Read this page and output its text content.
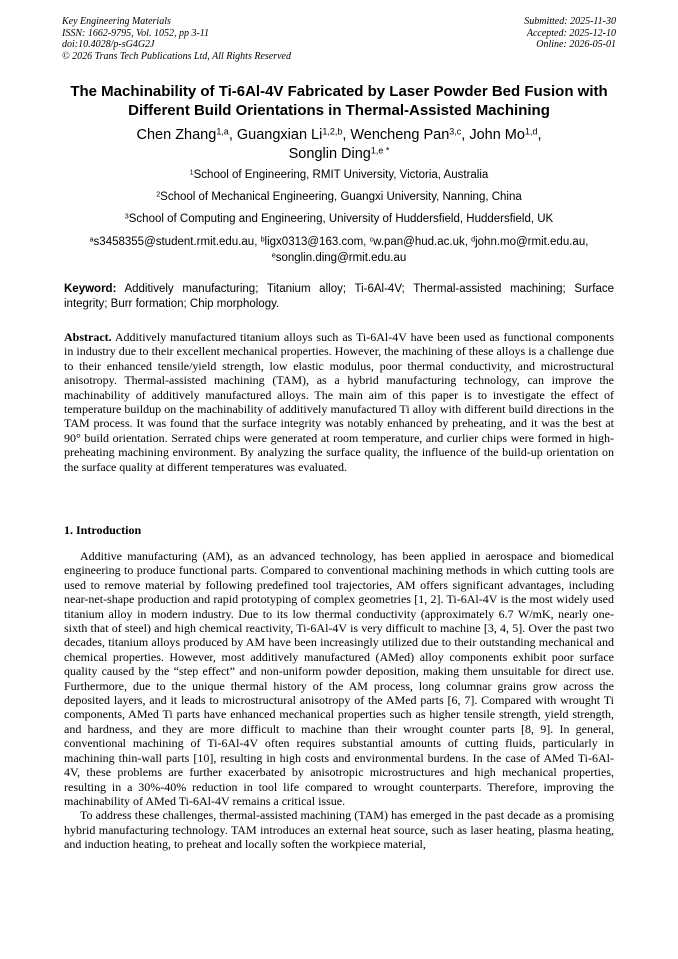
Key Engineering Materials
ISSN: 1662-9795, Vol. 1052, pp 3-11
doi:10.4028/p-sG4G2J
© 2026 Trans Tech Publications Ltd, All Rights Reserved
Submitted: 2025-11-30
Accepted: 2025-12-10
Online: 2026-05-01
The Machinability of Ti-6Al-4V Fabricated by Laser Powder Bed Fusion with Different Build Orientations in Thermal-Assisted Machining
Chen Zhang$^{1,a}$, Guangxian Li$^{1,2,b}$, Wencheng Pan$^{3,c}$, John Mo$^{1,d}$,
Songlin Ding$^{1,e *}$
$^1$School of Engineering, RMIT University, Victoria, Australia
$^2$School of Mechanical Engineering, Guangxi University, Nanning, China
$^3$School of Computing and Engineering, University of Huddersfield, Huddersfield, UK
$^a$s3458355@student.rmit.edu.au, $^b$ligx0313@163.com, $^c$w.pan@hud.ac.uk, $^d$john.mo@rmit.edu.au,
$^e$songlin.ding@rmit.edu.au
Keyword: Additively manufacturing; Titanium alloy; Ti-6Al-4V; Thermal-assisted machining; Surface integrity; Burr formation; Chip morphology.
Abstract. Additively manufactured titanium alloys such as Ti-6Al-4V have been used as functional components in industry due to their excellent mechanical properties. However, the machining of these alloys is a challenge due to their enhanced tensile/yield strength, low elastic modulus, poor thermal conductivity, and microstructural anisotropy. Thermal-assisted machining (TAM), as a hybrid manufacturing technology, can improve the machinability of additively manufactured alloys. The main aim of this paper is to investigate the effect of temperature buildup on the machinability of additively manufactured Ti alloy with different build directions in the TAM process. It was found that the surface integrity was notably enhanced by preheating, and it was the best at 90° build orientation. Serrated chips were generated at room temperature, and curlier chips were formed in high-preheating machining environment. By analyzing the surface quality, the influence of the build-up orientation on the surface quality at different temperatures was evaluated.
1. Introduction

Additive manufacturing (AM), as an advanced technology, has been applied in aerospace and biomedical engineering to produce functional parts. Compared to conventional machining methods in which cutting tools are used to remove material by following predefined tool trajectories, AM offers significant advantages, including near-net-shape production and rapid prototyping of complex geometries [1, 2]. Ti-6Al-4V is the most widely used titanium alloy in modern industry. Due to its low thermal conductivity (approximately 6.7 W/mK, nearly one-sixth that of steel) and high chemical reactivity, Ti-6Al-4V is very difficult to machine [3, 4, 5]. Over the past two decades, titanium alloys produced by AM have been increasingly utilized due to their outstanding mechanical and chemical properties. However, most additively manufactured (AMed) alloy components exhibit poor surface quality caused by the “step effect” and non-uniform powder deposition, making them unsuitable for direct use. Furthermore, due to the unique thermal history of the AM process, long columnar grains grow across the deposited layers, and it leads to microstructural anisotropy of the AMed parts [6, 7]. Compared with wrought Ti components, AMed Ti parts have enhanced mechanical properties such as higher tensile strength, yield strength, and hardness, and they are more difficult to machine than their wrought counter parts [8, 9]. In general, conventional machining of Ti-6Al-4V often requires substantial amounts of cutting fluids, particularly in machining thin-wall parts [10], resulting in high costs and environmental burdens. In the case of AMed Ti-6Al-4V, these problems are further exacerbated by anisotropic microstructures and high mechanical properties, resulting in a 30%-40% reduction in tool life compared to wrought counterparts. Therefore, improving the machinability of AMed Ti-6Al-4V remains a critical issue.

To address these challenges, thermal-assisted machining (TAM) has emerged in the past decade as a promising hybrid manufacturing technology. TAM introduces an external heat source, such as laser heating, plasma heating, and induction heating, to preheat and locally soften the workpiece material,
